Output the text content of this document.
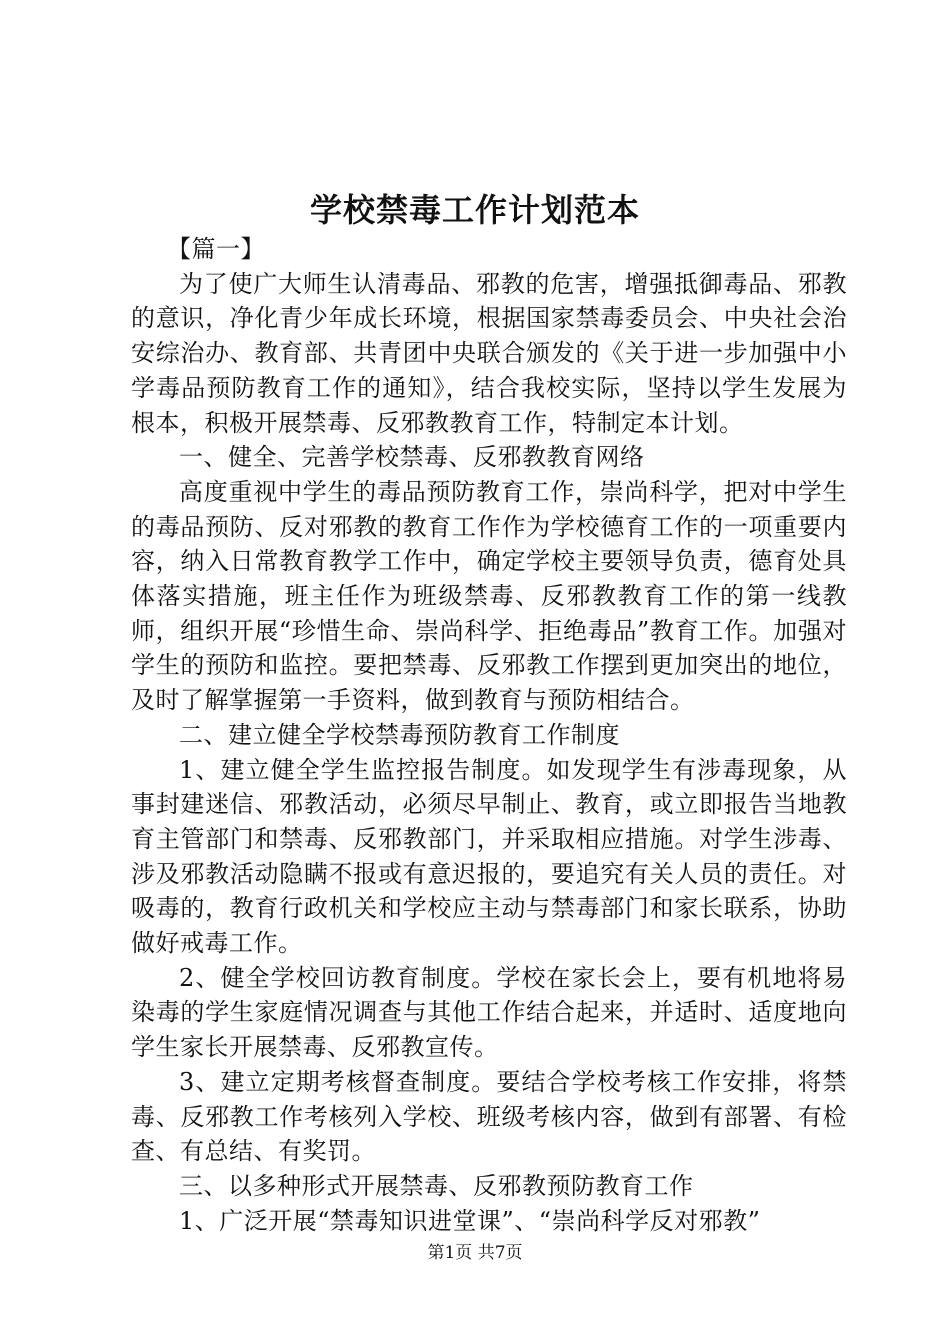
学校禁毒工作计划范本

【篇一】

为了使广大师生认清毒品、邪教的危害，增强抵御毒品、邪教的意识，净化青少年成长环境，根据国家禁毒委员会、中央社会治安综治办、教育部、共青团中央联合颁发的《关于进一步加强中小学毒品预防教育工作的通知》，结合我校实际，坚持以学生发展为根本，积极开展禁毒、反邪教教育工作，特制定本计划。

一、健全、完善学校禁毒、反邪教教育网络

高度重视中学生的毒品预防教育工作，崇尚科学，把对中学生的毒品预防、反对邪教的教育工作作为学校德育工作的一项重要内容，纳入日常教育教学工作中，确定学校主要领导负责，德育处具体落实措施，班主任作为班级禁毒、反邪教教育工作的第一线教师，组织开展“珍惜生命、崇尚科学、拒绝毒品”教育工作。加强对学生的预防和监控。要把禁毒、反邪教工作摆到更加突出的地位，及时了解掌握第一手资料，做到教育与预防相结合。

二、建立健全学校禁毒预防教育工作制度

1、建立健全学生监控报告制度。如发现学生有涉毒现象，从事封建迷信、邪教活动，必须尽早制止、教育，或立即报告当地教育主管部门和禁毒、反邪教部门，并采取相应措施。对学生涉毒、涉及邪教活动隐瞒不报或有意迟报的，要追究有关人员的责任。对吸毒的，教育行政机关和学校应主动与禁毒部门和家长联系，协助做好戒毒工作。

2、健全学校回访教育制度。学校在家长会上，要有机地将易染毒的学生家庭情况调查与其他工作结合起来，并适时、适度地向学生家长开展禁毒、反邪教宣传。

3、建立定期考核督查制度。要结合学校考核工作安排，将禁毒、反邪教工作考核列入学校、班级考核内容，做到有部署、有检查、有总结、有奖罚。

三、以多种形式开展禁毒、反邪教预防教育工作

1、广泛开展“禁毒知识进堂课”、“崇尚科学反对邪教”

第1页 共7页
